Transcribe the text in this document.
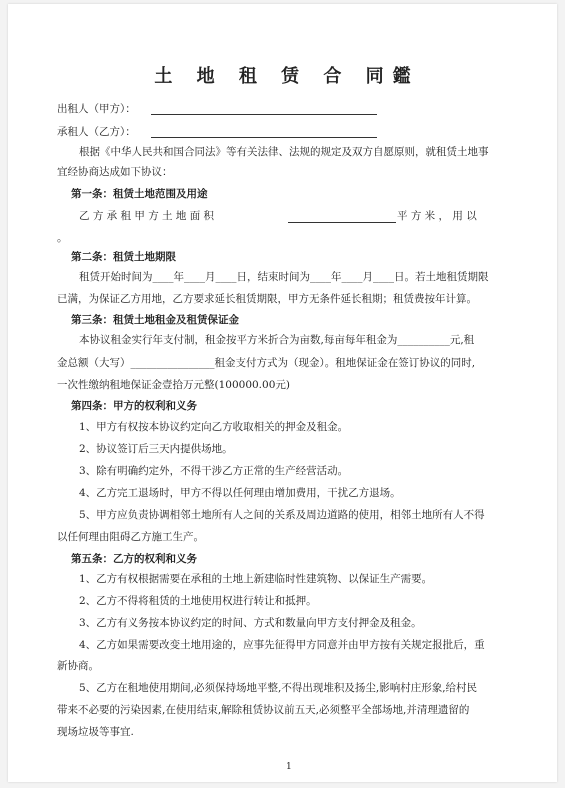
土 地 租 赁 合 同鑑
出租人（甲方）：
承租人（乙方）：
根据《中华人民共和国合同法》等有关法律、法规的规定及双方自愿原则，就租赁土地事
宜经协商达成如下协议：
第一条：租赁土地范围及用途
乙 方 承 租 甲 方 土 地 面 积	平 方 米 ， 用 以
。
第二条：租赁土地期限
租赁开始时间为____年____月____日，结束时间为____年____月____日。若土地租赁期限
已满，为保证乙方用地，乙方要求延长租赁期限，甲方无条件延长租期；租赁费按年计算。
第三条：租赁土地租金及租赁保证金
本协议租金实行年支付制，租金按平方米折合为亩数,每亩每年租金为__________元,租
金总额（大写）________________租金支付方式为（现金）。租地保证金在签订协议的同时,
一次性缴纳租地保证金壹拾万元整(100000.00元)
第四条：甲方的权利和义务
1、甲方有权按本协议约定向乙方收取相关的押金及租金。
2、协议签订后三天内提供场地。
3、除有明确约定外，不得干涉乙方正常的生产经营活动。
4、乙方完工退场时，甲方不得以任何理由增加费用，干扰乙方退场。
5、甲方应负责协调相邻土地所有人之间的关系及周边道路的使用，相邻土地所有人不得
以任何理由阻碍乙方施工生产。
第五条：乙方的权利和义务
1、乙方有权根据需要在承租的土地上新建临时性建筑物、以保证生产需要。
2、乙方不得将租赁的土地使用权进行转让和抵押。
3、乙方有义务按本协议约定的时间、方式和数量向甲方支付押金及租金。
4、乙方如果需要改变土地用途的，应事先征得甲方同意并由甲方按有关规定报批后，重
新协商。
5、乙方在租地使用期间,必须保持场地平整,不得出现堆积及扬尘,影响村庄形象,给村民
带来不必要的污染因素,在使用结束,解除租赁协议前五天,必须整平全部场地,并清理遗留的
现场垃圾等事宜.
1
